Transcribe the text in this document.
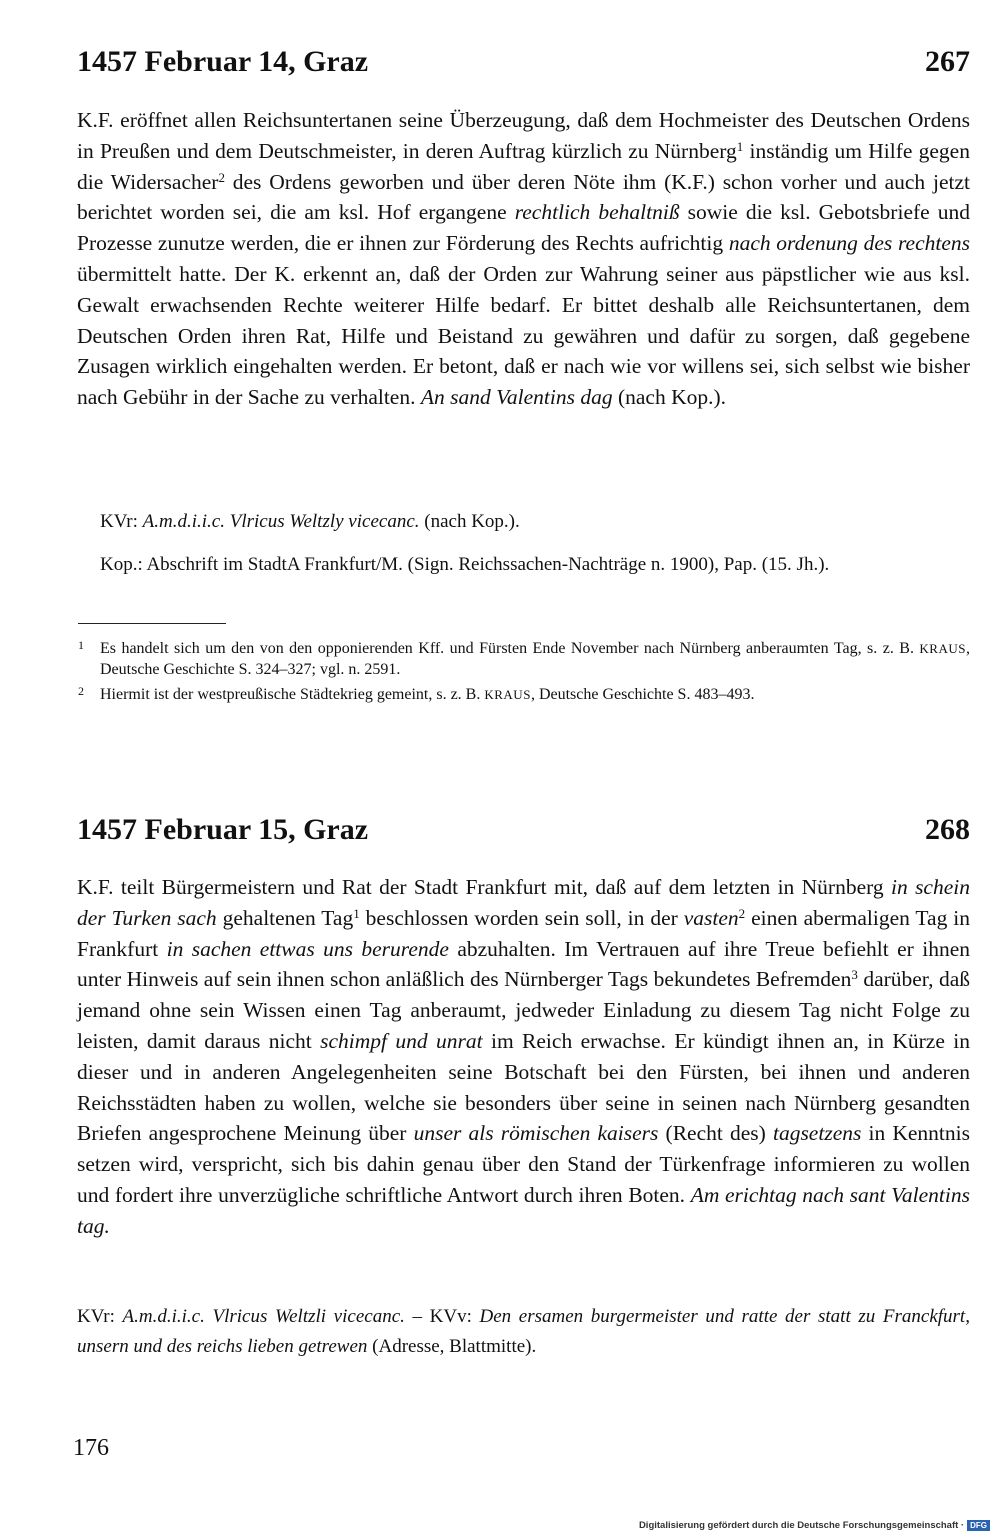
1457 Februar 14, Graz	267

K.F. eröffnet allen Reichsuntertanen seine Überzeugung, daß dem Hochmeister des Deutschen Ordens in Preußen und dem Deutschmeister, in deren Auftrag kürzlich zu Nürnberg$^1$ inständig um Hilfe gegen die Widersacher$^2$ des Ordens geworben und über deren Nöte ihm (K.F.) schon vorher und auch jetzt berichtet worden sei, die am ksl. Hof ergangene rechtlich behaltniß sowie die ksl. Gebotsbriefe und Prozesse zunutze werden, die er ihnen zur Förderung des Rechts aufrichtig nach ordenung des rechtens übermittelt hatte. Der K. erkennt an, daß der Orden zur Wahrung seiner aus päpstlicher wie aus ksl. Gewalt erwachsenden Rechte weiterer Hilfe bedarf. Er bittet deshalb alle Reichsuntertanen, dem Deutschen Orden ihren Rat, Hilfe und Beistand zu gewähren und dafür zu sorgen, daß gegebene Zusagen wirklich eingehalten werden. Er betont, daß er nach wie vor willens sei, sich selbst wie bisher nach Gebühr in der Sache zu verhalten. An sand Valentins dag (nach Kop.).

KVr: A.m.d.i.i.c. Vlricus Weltzly vicecanc. (nach Kop.).

Kop.: Abschrift im StadtA Frankfurt/M. (Sign. Reichssachen-Nachträge n. 1900), Pap. (15. Jh.).

1	Es handelt sich um den von den opponierenden Kff. und Fürsten Ende November nach Nürnberg anberaumten Tag, s. z. B. KRAUS, Deutsche Geschichte S. 324–327; vgl. n. 2591.
2	Hiermit ist der westpreußische Städtekrieg gemeint, s. z. B. KRAUS, Deutsche Geschichte S. 483–493.
1457 Februar 15, Graz	268

K.F. teilt Bürgermeistern und Rat der Stadt Frankfurt mit, daß auf dem letzten in Nürnberg in schein der Turken sach gehaltenen Tag$^1$ beschlossen worden sein soll, in der vasten$^2$ einen abermaligen Tag in Frankfurt in sachen ettwas uns berurende abzuhalten. Im Vertrauen auf ihre Treue befiehlt er ihnen unter Hinweis auf sein ihnen schon anläßlich des Nürnberger Tags bekundetes Befremden$^3$ darüber, daß jemand ohne sein Wissen einen Tag anberaumt, jedweder Einladung zu diesem Tag nicht Folge zu leisten, damit daraus nicht schimpf und unrat im Reich erwachse. Er kündigt ihnen an, in Kürze in dieser und in anderen Angelegenheiten seine Botschaft bei den Fürsten, bei ihnen und anderen Reichsstädten haben zu wollen, welche sie besonders über seine in seinen nach Nürnberg gesandten Briefen angesprochene Meinung über unser als römischen kaisers (Recht des) tagsetzens in Kenntnis setzen wird, verspricht, sich bis dahin genau über den Stand der Türkenfrage informieren zu wollen und fordert ihre unverzügliche schriftliche Antwort durch ihren Boten. Am erichtag nach sant Valentins tag.

KVr: A.m.d.i.i.c. Vlricus Weltzli vicecanc. – KVv: Den ersamen burgermeister und ratte der statt zu Franckfurt, unsern und des reichs lieben getrewen (Adresse, Blattmitte).

176
Digitalisierung gefördert durch die Deutsche Forschungsgemeinschaft · DFG
